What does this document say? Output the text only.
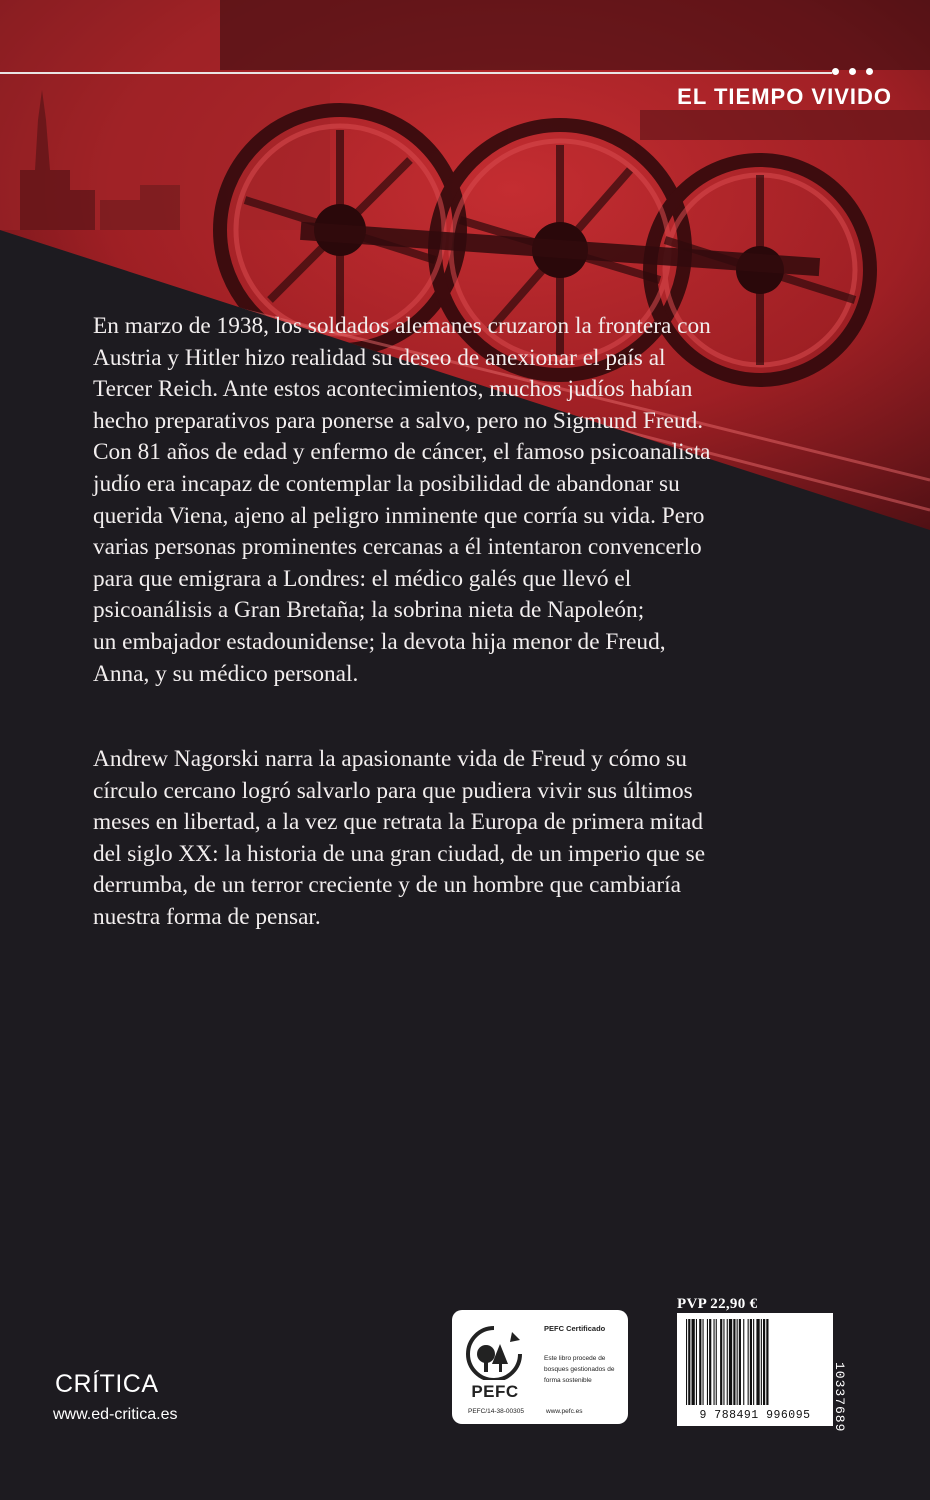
EL TIEMPO VIVIDO

En marzo de 1938, los soldados alemanes cruzaron la frontera con
Austria y Hitler hizo realidad su deseo de anexionar el país al
Tercer Reich. Ante estos acontecimientos, muchos judíos habían
hecho preparativos para ponerse a salvo, pero no Sigmund Freud.
Con 81 años de edad y enfermo de cáncer, el famoso psicoanalista
judío era incapaz de contemplar la posibilidad de abandonar su
querida Viena, ajeno al peligro inminente que corría su vida. Pero
varias personas prominentes cercanas a él intentaron convencerlo
para que emigrara a Londres: el médico galés que llevó el
psicoanálisis a Gran Bretaña; la sobrina nieta de Napoleón;
un embajador estadounidense; la devota hija menor de Freud,
Anna, y su médico personal.

Andrew Nagorski narra la apasionante vida de Freud y cómo su
círculo cercano logró salvarlo para que pudiera vivir sus últimos
meses en libertad, a la vez que retrata la Europa de primera mitad
del siglo XX: la historia de una gran ciudad, de un imperio que se
derrumba, de un terror creciente y de un hombre que cambiaría
nuestra forma de pensar.

CRÍTICA
www.ed-critica.es
PEFC
PEFC Certificado
Este libro procede de bosques gestionados de forma sostenible
PEFC/14-38-00305	www.pefc.es
PVP 22,90 €
9 788491 996095	10337689
